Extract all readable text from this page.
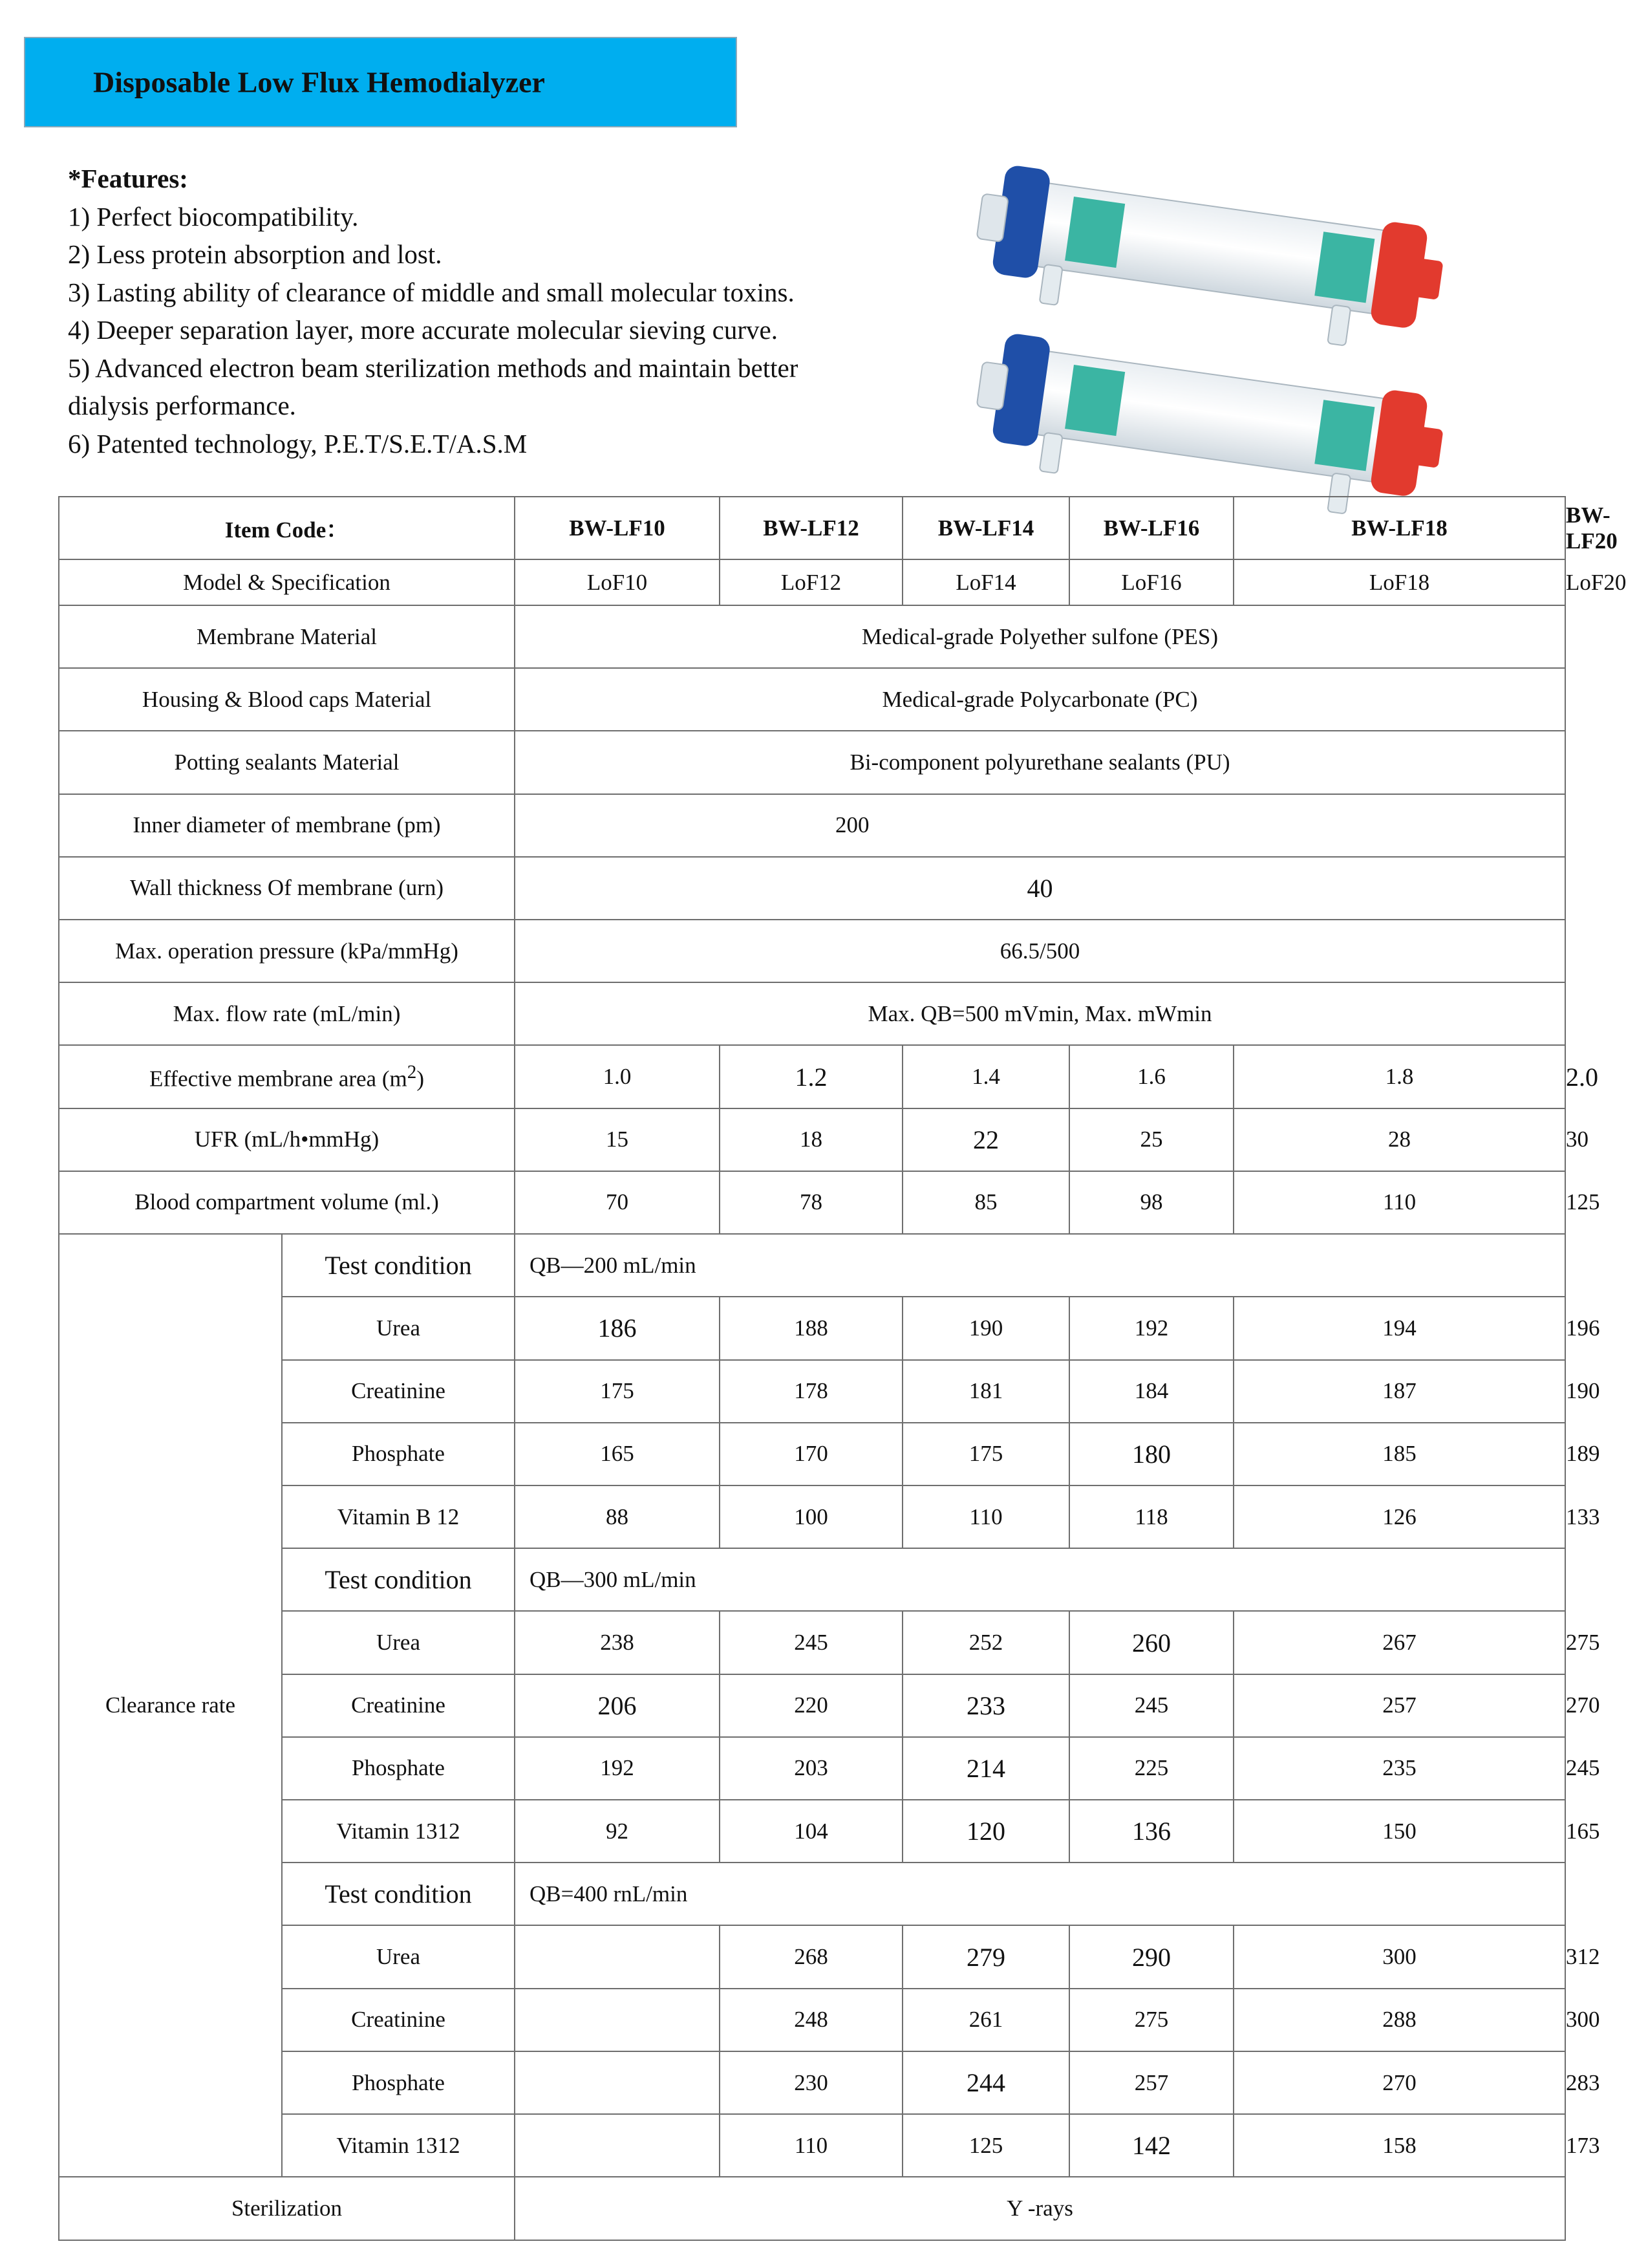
Disposable Low Flux Hemodialyzer
*Features:
1) Perfect biocompatibility.
2) Less protein absorption and lost.
3) Lasting ability of clearance of middle and small molecular toxins.
4) Deeper separation layer, more accurate molecular sieving curve.
5) Advanced electron beam sterilization methods and maintain better
dialysis performance.
6) Patented technology, P.E.T/S.E.T/A.S.M
Item Code：		BW-LF10	BW-LF12	BW-LF14	BW-LF16	BW-LF18	BW-LF20
Model & Specification		LoF10	LoF12	LoF14	LoF16	LoF18	LoF20
Membrane Material		Medical-grade Polyether sulfone (PES)					
Housing & Blood caps Material		Medical-grade Polycarbonate (PC)					
Potting sealants Material		Bi-component polyurethane sealants (PU)					
Inner diameter of membrane (pm)		200					
Wall thickness Of membrane (urn)		40					
Max. operation pressure (kPa/mmHg)		66.5/500					
Max. flow rate (mL/min)		Max. QB=500 mVmin, Max. mWmin					
Effective membrane area $(m^2)$		1.0	1.2	1.4	1.6	1.8	2.0
UFR (mL/h•mmHg)		15	18	22	25	28	30
Blood compartment volume (ml.)		70	78	85	98	110	125
Clearance rate	Test condition	QB—200 mL/min					
	Urea	186	188	190	192	194	196
	Creatinine	175	178	181	184	187	190
	Phosphate	165	170	175	180	185	189
	Vitamin B 12	88	100	110	118	126	133
	Test condition	QB—300 mL/min					
	Urea	238	245	252	260	267	275
	Creatinine	206	220	233	245	257	270
	Phosphate	192	203	214	225	235	245
	Vitamin 1312	92	104	120	136	150	165
	Test condition	QB=400 rnL/min					
	Urea		268	279	290	300	312
	Creatinine		248	261	275	288	300
	Phosphate		230	244	257	270	283
	Vitamin 1312		110	125	142	158	173
Sterilization		Y -rays					
